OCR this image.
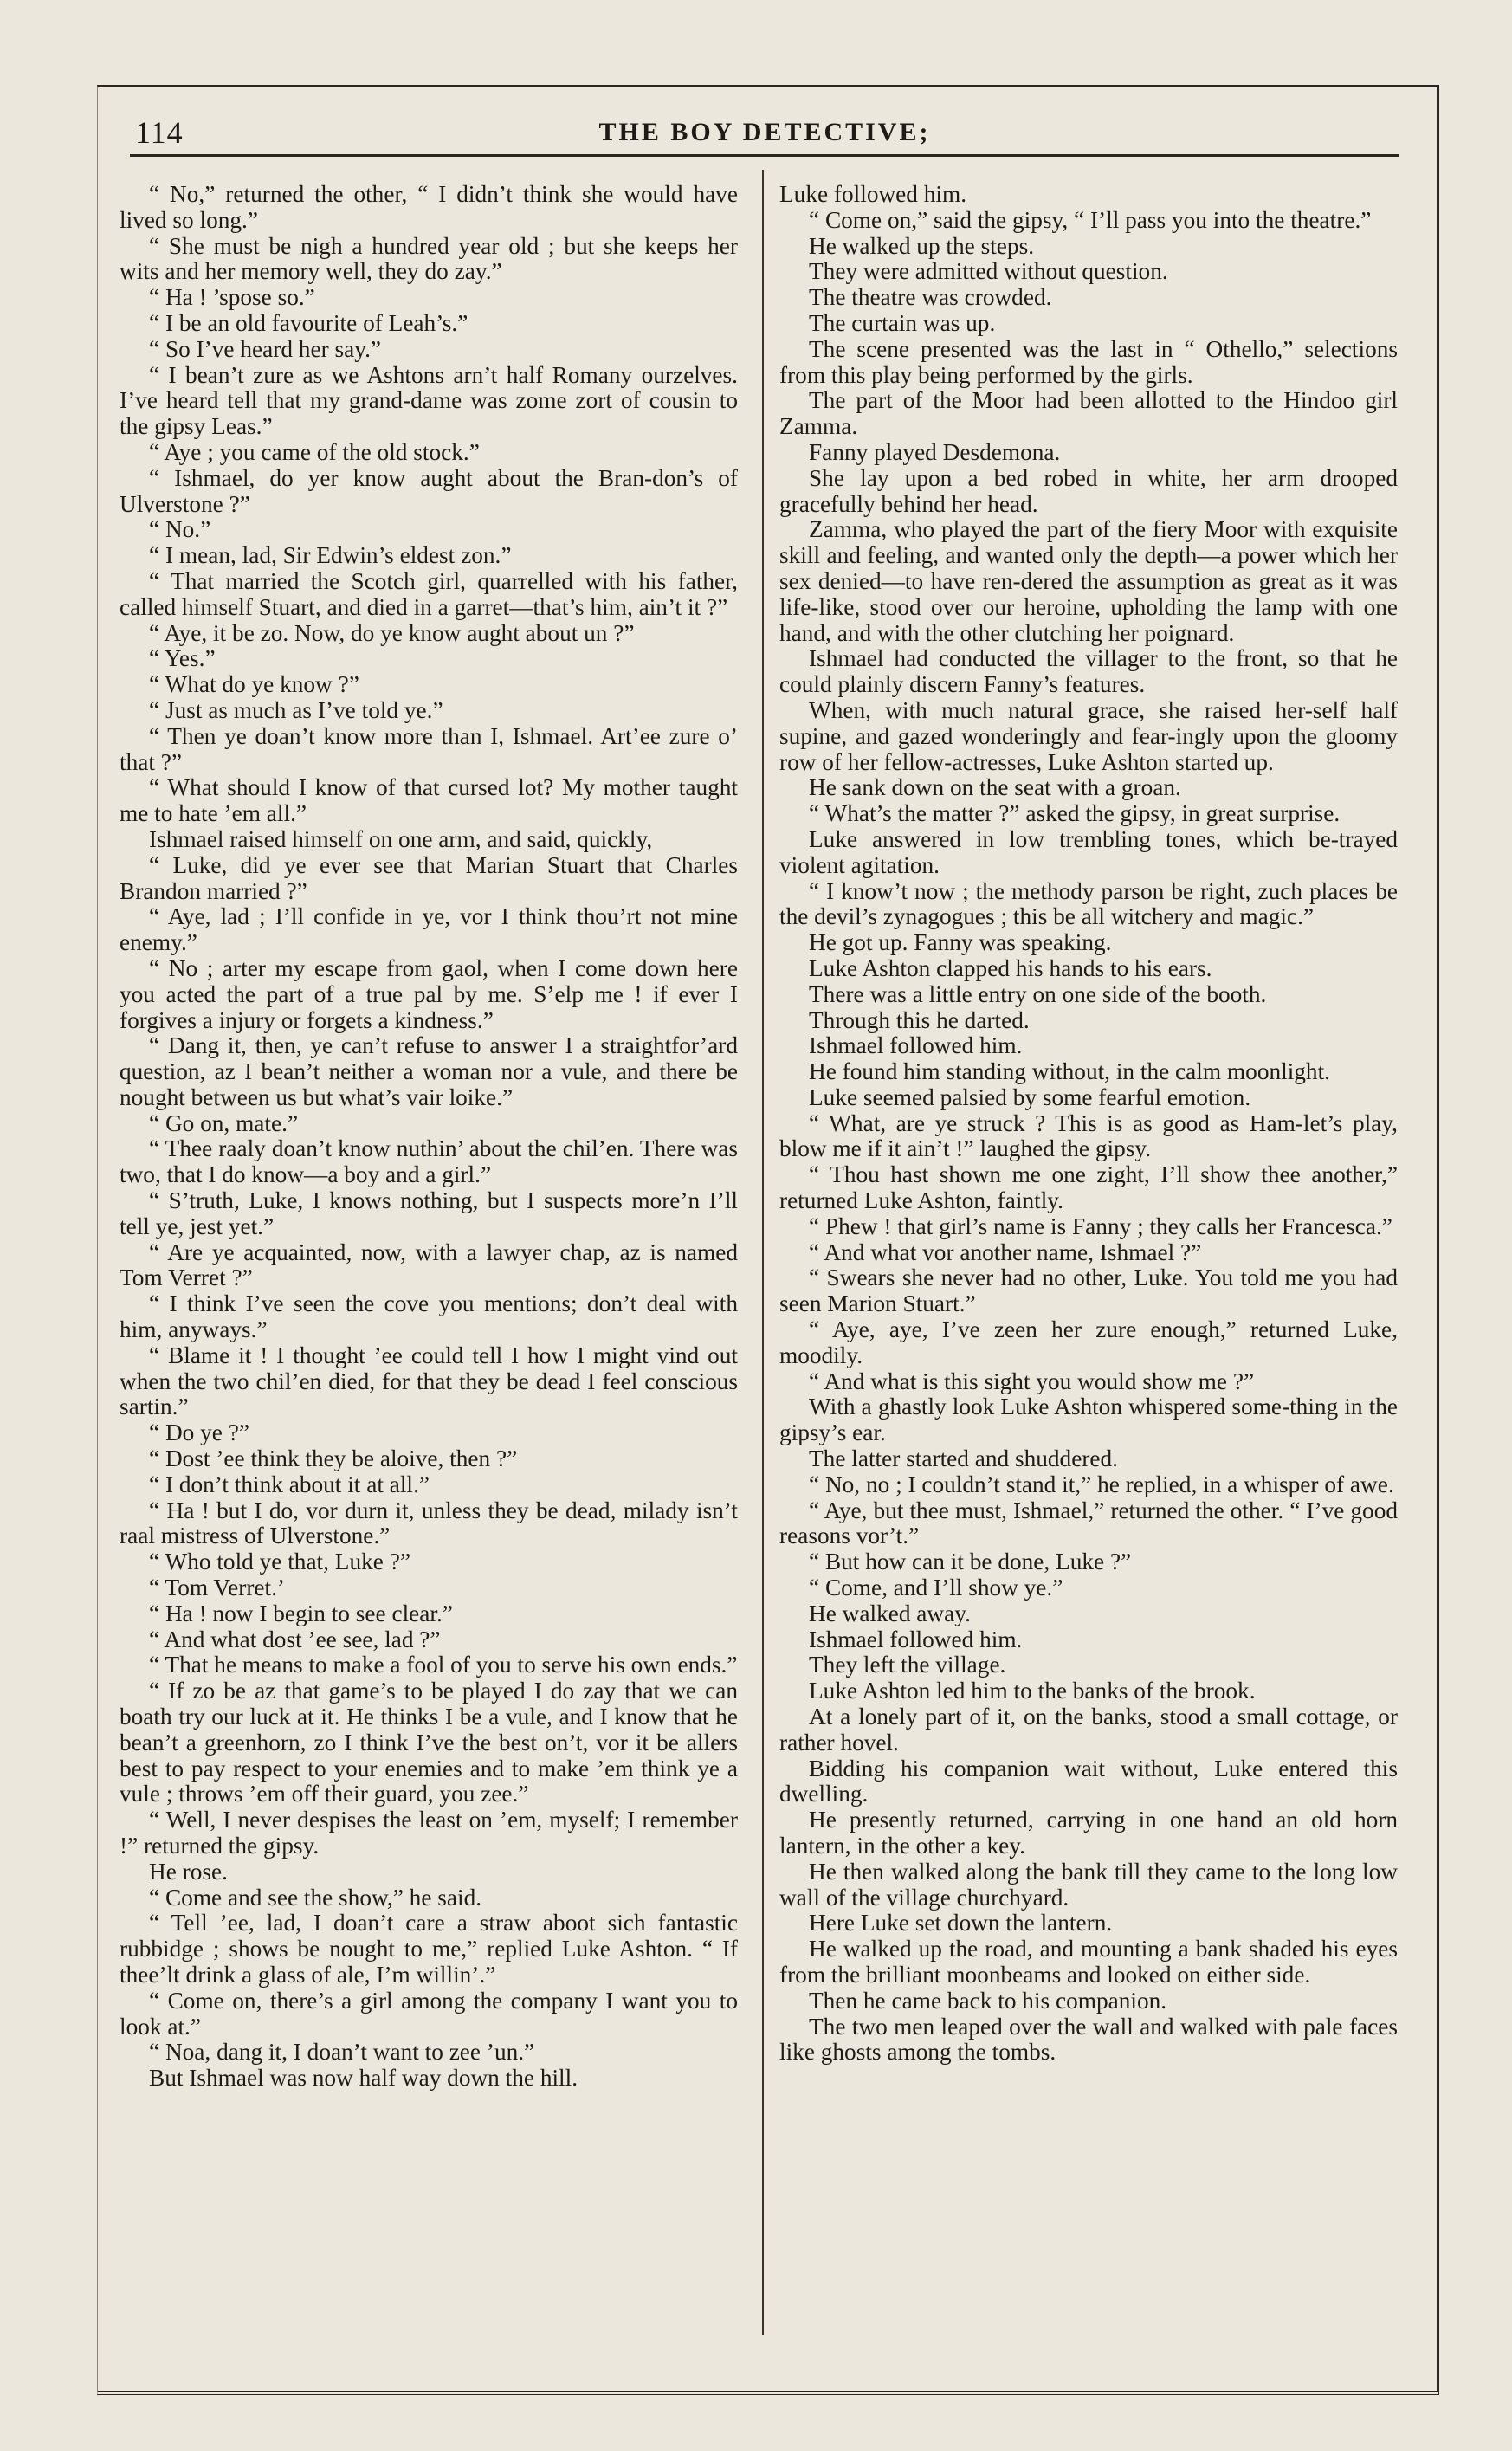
114	THE BOY DETECTIVE;

“ No,” returned the other, “ I didn’t think she would have lived so long.”

“ She must be nigh a hundred year old ; but she keeps her wits and her memory well, they do zay.”

“ Ha ! ’spose so.”

“ I be an old favourite of Leah’s.”

“ So I’ve heard her say.”

“ I bean’t zure as we Ashtons arn’t half Romany ourzelves. I’ve heard tell that my grand-dame was zome zort of cousin to the gipsy Leas.”

“ Aye ; you came of the old stock.”

“ Ishmael, do yer know aught about the Bran-don’s of Ulverstone ?”

“ No.”

“ I mean, lad, Sir Edwin’s eldest zon.”

“ That married the Scotch girl, quarrelled with his father, called himself Stuart, and died in a garret—that’s him, ain’t it ?”

“ Aye, it be zo. Now, do ye know aught about un ?”

“ Yes.”

“ What do ye know ?”

“ Just as much as I’ve told ye.”

“ Then ye doan’t know more than I, Ishmael. Art’ee zure o’ that ?”

“ What should I know of that cursed lot? My mother taught me to hate ’em all.”

Ishmael raised himself on one arm, and said, quickly,

“ Luke, did ye ever see that Marian Stuart that Charles Brandon married ?”

“ Aye, lad ; I’ll confide in ye, vor I think thou’rt not mine enemy.”

“ No ; arter my escape from gaol, when I come down here you acted the part of a true pal by me. S’elp me ! if ever I forgives a injury or forgets a kindness.”

“ Dang it, then, ye can’t refuse to answer I a straightfor’ard question, az I bean’t neither a woman nor a vule, and there be nought between us but what’s vair loike.”

“ Go on, mate.”

“ Thee raaly doan’t know nuthin’ about the chil’en. There was two, that I do know—a boy and a girl.”

“ S’truth, Luke, I knows nothing, but I suspects more’n I’ll tell ye, jest yet.”

“ Are ye acquainted, now, with a lawyer chap, az is named Tom Verret ?”

“ I think I’ve seen the cove you mentions; don’t deal with him, anyways.”

“ Blame it ! I thought ’ee could tell I how I might vind out when the two chil’en died, for that they be dead I feel conscious sartin.”

“ Do ye ?”

“ Dost ’ee think they be aloive, then ?”

“ I don’t think about it at all.”

“ Ha ! but I do, vor durn it, unless they be dead, milady isn’t raal mistress of Ulverstone.”

“ Who told ye that, Luke ?”

“ Tom Verret.’

“ Ha ! now I begin to see clear.”

“ And what dost ’ee see, lad ?”

“ That he means to make a fool of you to serve his own ends.”

“ If zo be az that game’s to be played I do zay that we can boath try our luck at it. He thinks I be a vule, and I know that he bean’t a greenhorn, zo I think I’ve the best on’t, vor it be allers best to pay respect to your enemies and to make ’em think ye a vule ; throws ’em off their guard, you zee.”

“ Well, I never despises the least on ’em, myself; I remember !” returned the gipsy.

He rose.

“ Come and see the show,” he said.

“ Tell ’ee, lad, I doan’t care a straw aboot sich fantastic rubbidge ; shows be nought to me,” replied Luke Ashton. “ If thee’lt drink a glass of ale, I’m willin’.”

“ Come on, there’s a girl among the company I want you to look at.”

“ Noa, dang it, I doan’t want to zee ’un.”

But Ishmael was now half way down the hill.

Luke followed him.

“ Come on,” said the gipsy, “ I’ll pass you into the theatre.”

He walked up the steps.

They were admitted without question.

The theatre was crowded.

The curtain was up.

The scene presented was the last in “ Othello,” selections from this play being performed by the girls.

The part of the Moor had been allotted to the Hindoo girl Zamma.

Fanny played Desdemona.

She lay upon a bed robed in white, her arm drooped gracefully behind her head.

Zamma, who played the part of the fiery Moor with exquisite skill and feeling, and wanted only the depth—a power which her sex denied—to have ren-dered the assumption as great as it was life-like, stood over our heroine, upholding the lamp with one hand, and with the other clutching her poignard.

Ishmael had conducted the villager to the front, so that he could plainly discern Fanny’s features.

When, with much natural grace, she raised her-self half supine, and gazed wonderingly and fear-ingly upon the gloomy row of her fellow-actresses, Luke Ashton started up.

He sank down on the seat with a groan.

“ What’s the matter ?” asked the gipsy, in great surprise.

Luke answered in low trembling tones, which be-trayed violent agitation.

“ I know’t now ; the methody parson be right, zuch places be the devil’s zynagogues ; this be all witchery and magic.”

He got up. Fanny was speaking.

Luke Ashton clapped his hands to his ears.

There was a little entry on one side of the booth.

Through this he darted.

Ishmael followed him.

He found him standing without, in the calm moonlight.

Luke seemed palsied by some fearful emotion.

“ What, are ye struck ? This is as good as Ham-let’s play, blow me if it ain’t !” laughed the gipsy.

“ Thou hast shown me one zight, I’ll show thee another,” returned Luke Ashton, faintly.

“ Phew ! that girl’s name is Fanny ; they calls her Francesca.”

“ And what vor another name, Ishmael ?”

“ Swears she never had no other, Luke. You told me you had seen Marion Stuart.”

“ Aye, aye, I’ve zeen her zure enough,” returned Luke, moodily.

“ And what is this sight you would show me ?”

With a ghastly look Luke Ashton whispered some-thing in the gipsy’s ear.

The latter started and shuddered.

“ No, no ; I couldn’t stand it,” he replied, in a whisper of awe.

“ Aye, but thee must, Ishmael,” returned the other. “ I’ve good reasons vor’t.”

“ But how can it be done, Luke ?”

“ Come, and I’ll show ye.”

He walked away.

Ishmael followed him.

They left the village.

Luke Ashton led him to the banks of the brook.

At a lonely part of it, on the banks, stood a small cottage, or rather hovel.

Bidding his companion wait without, Luke entered this dwelling.

He presently returned, carrying in one hand an old horn lantern, in the other a key.

He then walked along the bank till they came to the long low wall of the village churchyard.

Here Luke set down the lantern.

He walked up the road, and mounting a bank shaded his eyes from the brilliant moonbeams and looked on either side.

Then he came back to his companion.

The two men leaped over the wall and walked with pale faces like ghosts among the tombs.
